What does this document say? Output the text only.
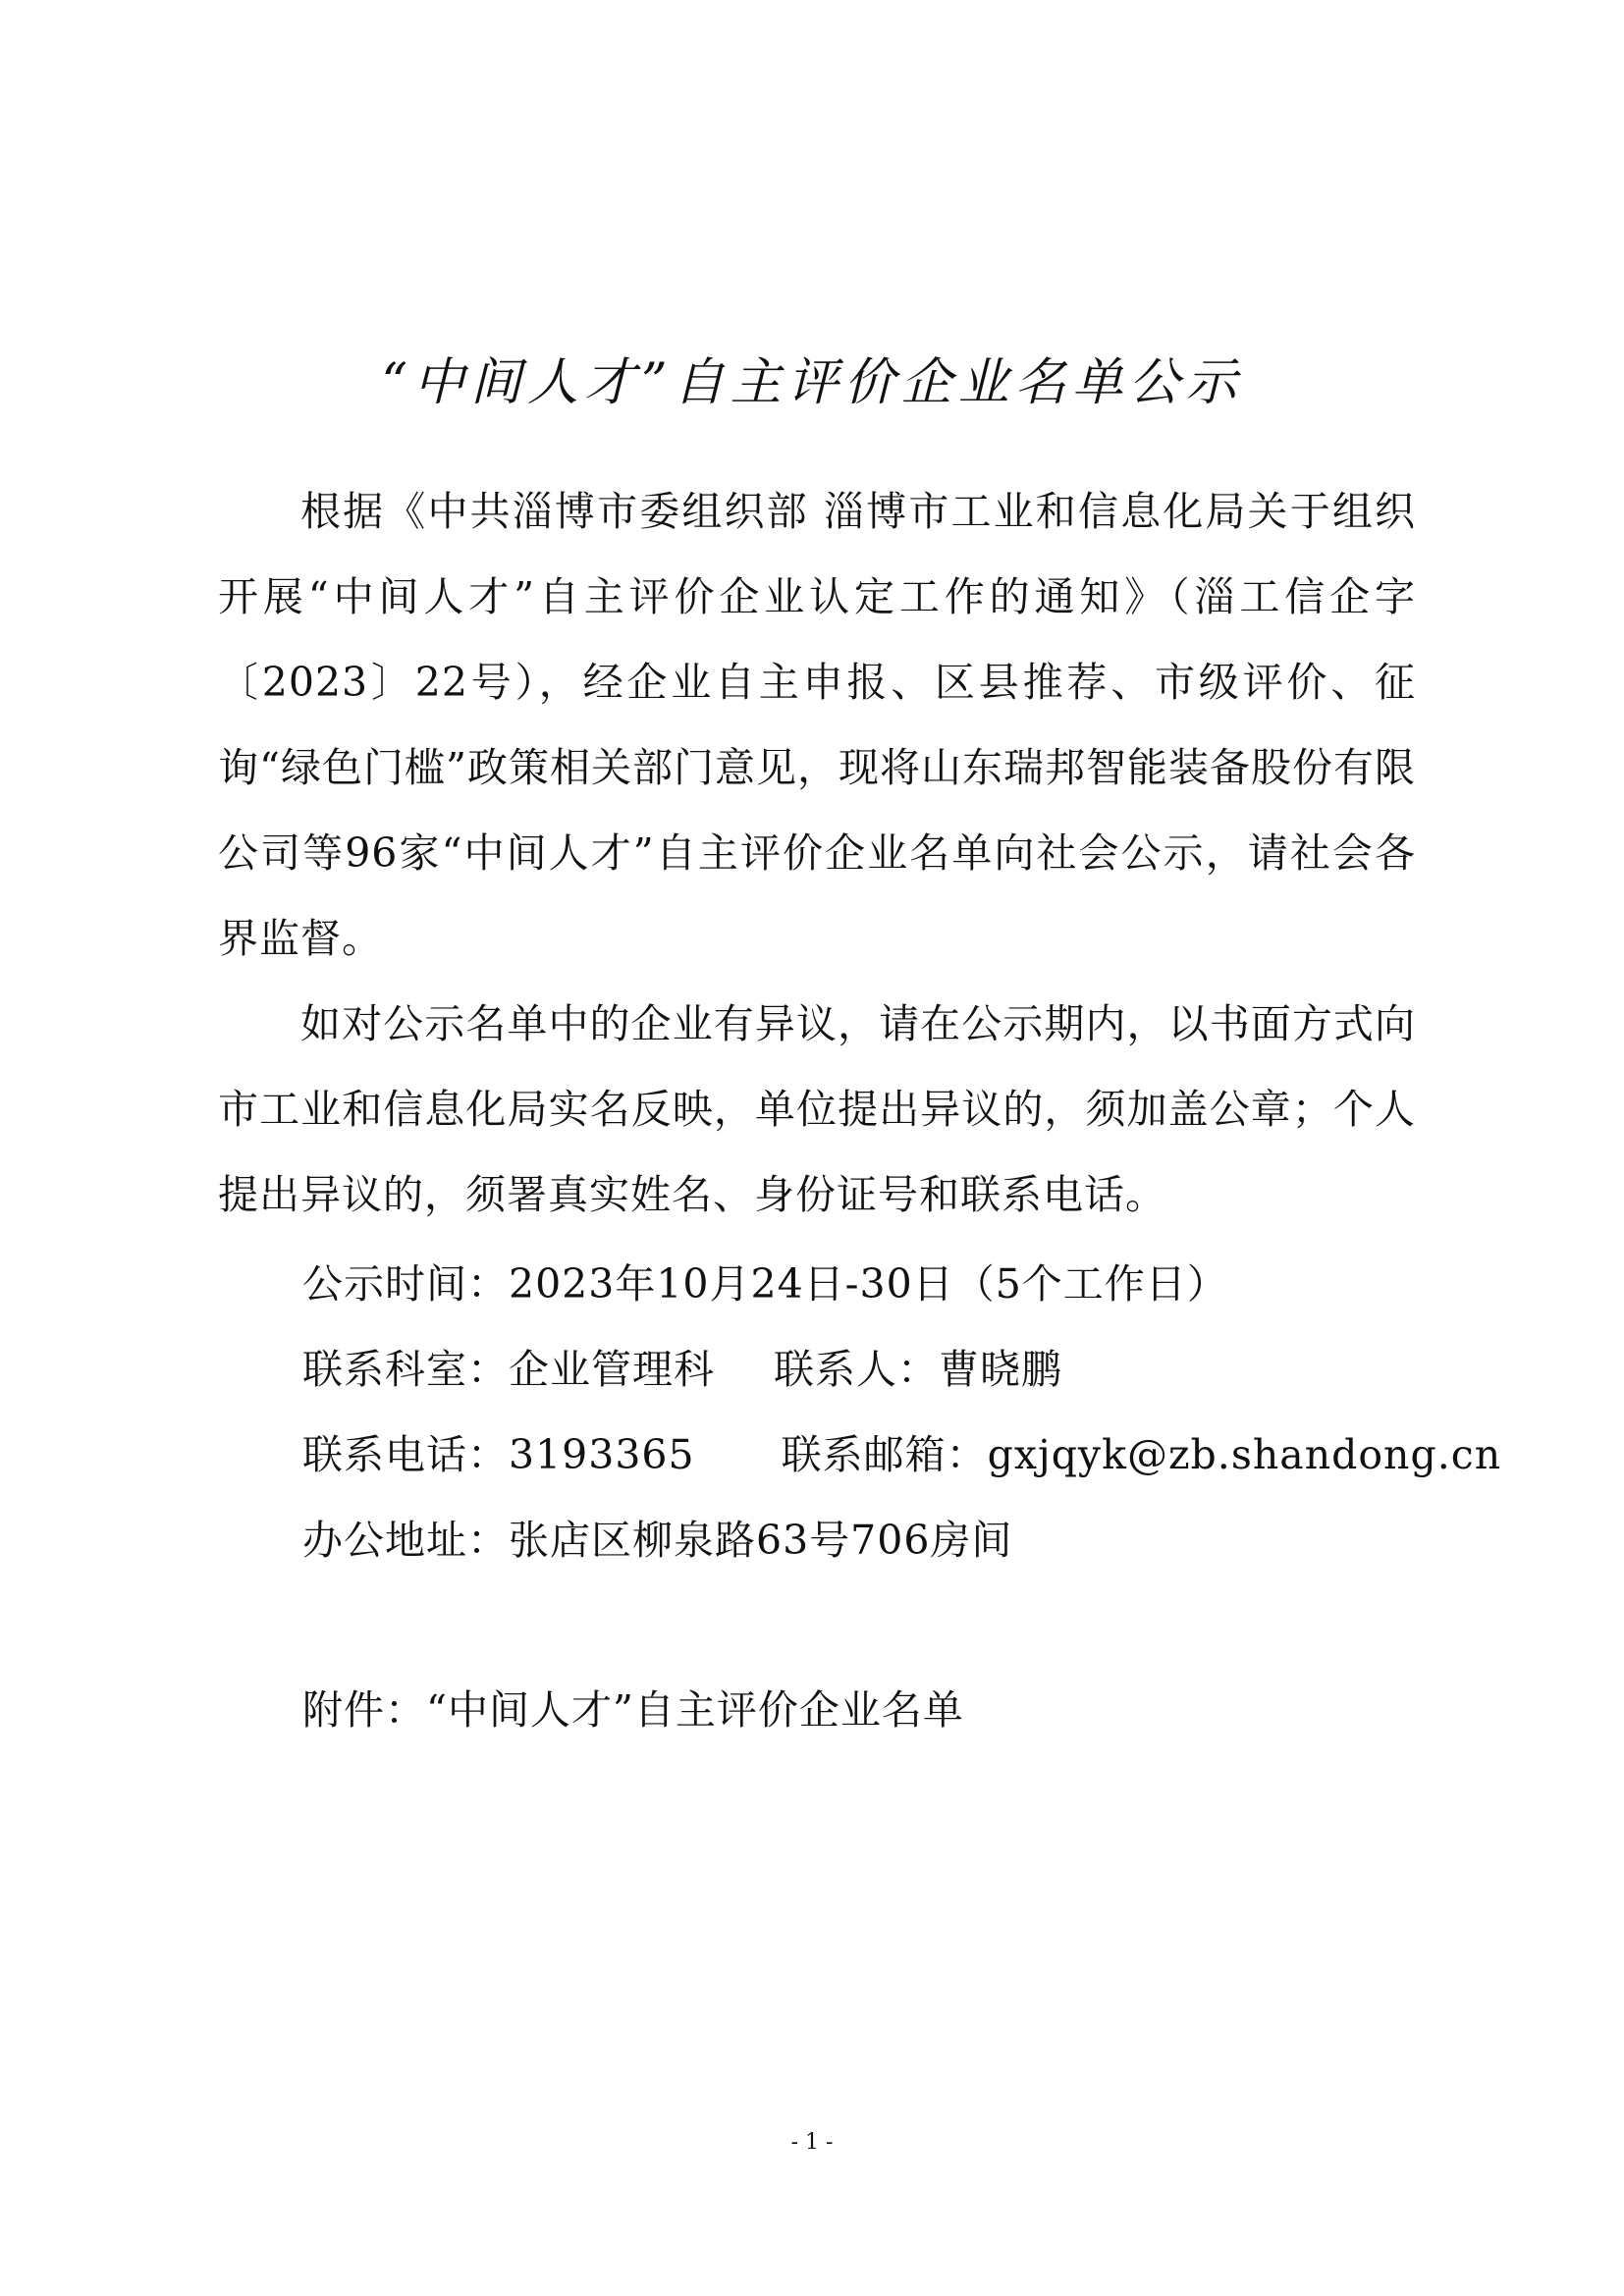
“中间人才”自主评价企业名单公示

根据《中共淄博市委组织部 淄博市工业和信息化局关于组织开展“中间人才”自主评价企业认定工作的通知》（淄工信企字〔2023〕22号），经企业自主申报、区县推荐、市级评价、征询“绿色门槛”政策相关部门意见，现将山东瑞邦智能装备股份有限公司等96家“中间人才”自主评价企业名单向社会公示，请社会各界监督。

如对公示名单中的企业有异议，请在公示期内，以书面方式向市工业和信息化局实名反映，单位提出异议的，须加盖公章；个人提出异议的，须署真实姓名、身份证号和联系电话。

公示时间：2023年10月24日-30日（5个工作日）
联系科室：企业管理科 联系人：曹晓鹏
联系电话：3193365 联系邮箱：gxjqyk@zb.shandong.cn
办公地址：张店区柳泉路63号706房间
附件：“中间人才”自主评价企业名单
- 1 -
